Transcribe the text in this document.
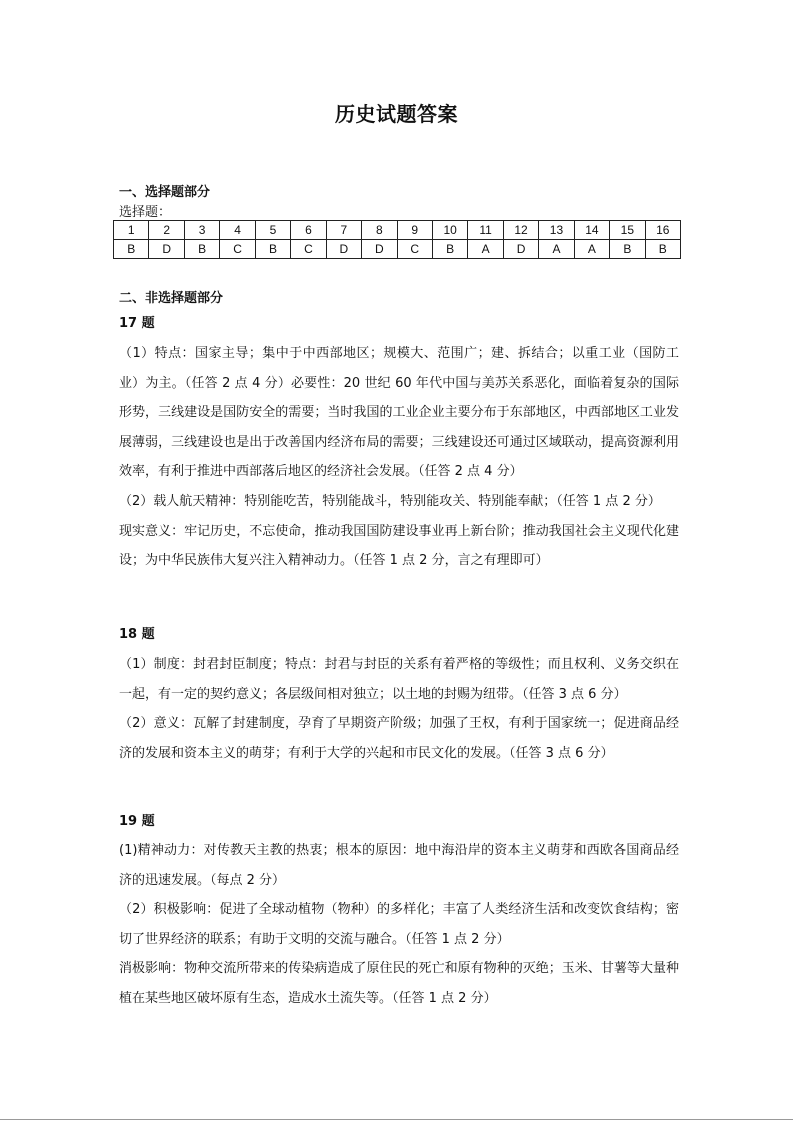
历史试题答案
一、选择题部分
选择题：
1	2	3	4	5	6	7	8	9	10	11	12	13	14	15	16
B	D	B	C	B	C	D	D	C	B	A	D	A	A	B	B
二、非选择题部分
17 题

（1）特点：国家主导；集中于中西部地区；规模大、范围广；建、拆结合；以重工业（国防工业）为主。（任答 2 点 4 分）必要性：20 世纪 60 年代中国与美苏关系恶化，面临着复杂的国际形势，三线建设是国防安全的需要；当时我国的工业企业主要分布于东部地区，中西部地区工业发展薄弱，三线建设也是出于改善国内经济布局的需要；三线建设还可通过区域联动，提高资源利用效率，有利于推进中西部落后地区的经济社会发展。（任答 2 点 4 分）

（2）载人航天精神：特别能吃苦，特别能战斗，特别能攻关、特别能奉献；（任答 1 点 2 分）

现实意义：牢记历史，不忘使命，推动我国国防建设事业再上新台阶；推动我国社会主义现代化建设；为中华民族伟大复兴注入精神动力。（任答 1 点 2 分，言之有理即可）

18 题

（1）制度：封君封臣制度；特点：封君与封臣的关系有着严格的等级性；而且权利、义务交织在一起，有一定的契约意义；各层级间相对独立；以土地的封赐为纽带。（任答 3 点 6 分）

（2）意义：瓦解了封建制度，孕育了早期资产阶级；加强了王权，有利于国家统一；促进商品经济的发展和资本主义的萌芽；有利于大学的兴起和市民文化的发展。（任答 3 点 6 分）

19 题

(1)精神动力：对传教天主教的热衷；根本的原因：地中海沿岸的资本主义萌芽和西欧各国商品经济的迅速发展。（每点 2 分）

（2）积极影响：促进了全球动植物（物种）的多样化；丰富了人类经济生活和改变饮食结构；密切了世界经济的联系；有助于文明的交流与融合。（任答 1 点 2 分）

消极影响：物种交流所带来的传染病造成了原住民的死亡和原有物种的灭绝；玉米、甘薯等大量种植在某些地区破坏原有生态，造成水土流失等。（任答 1 点 2 分）
